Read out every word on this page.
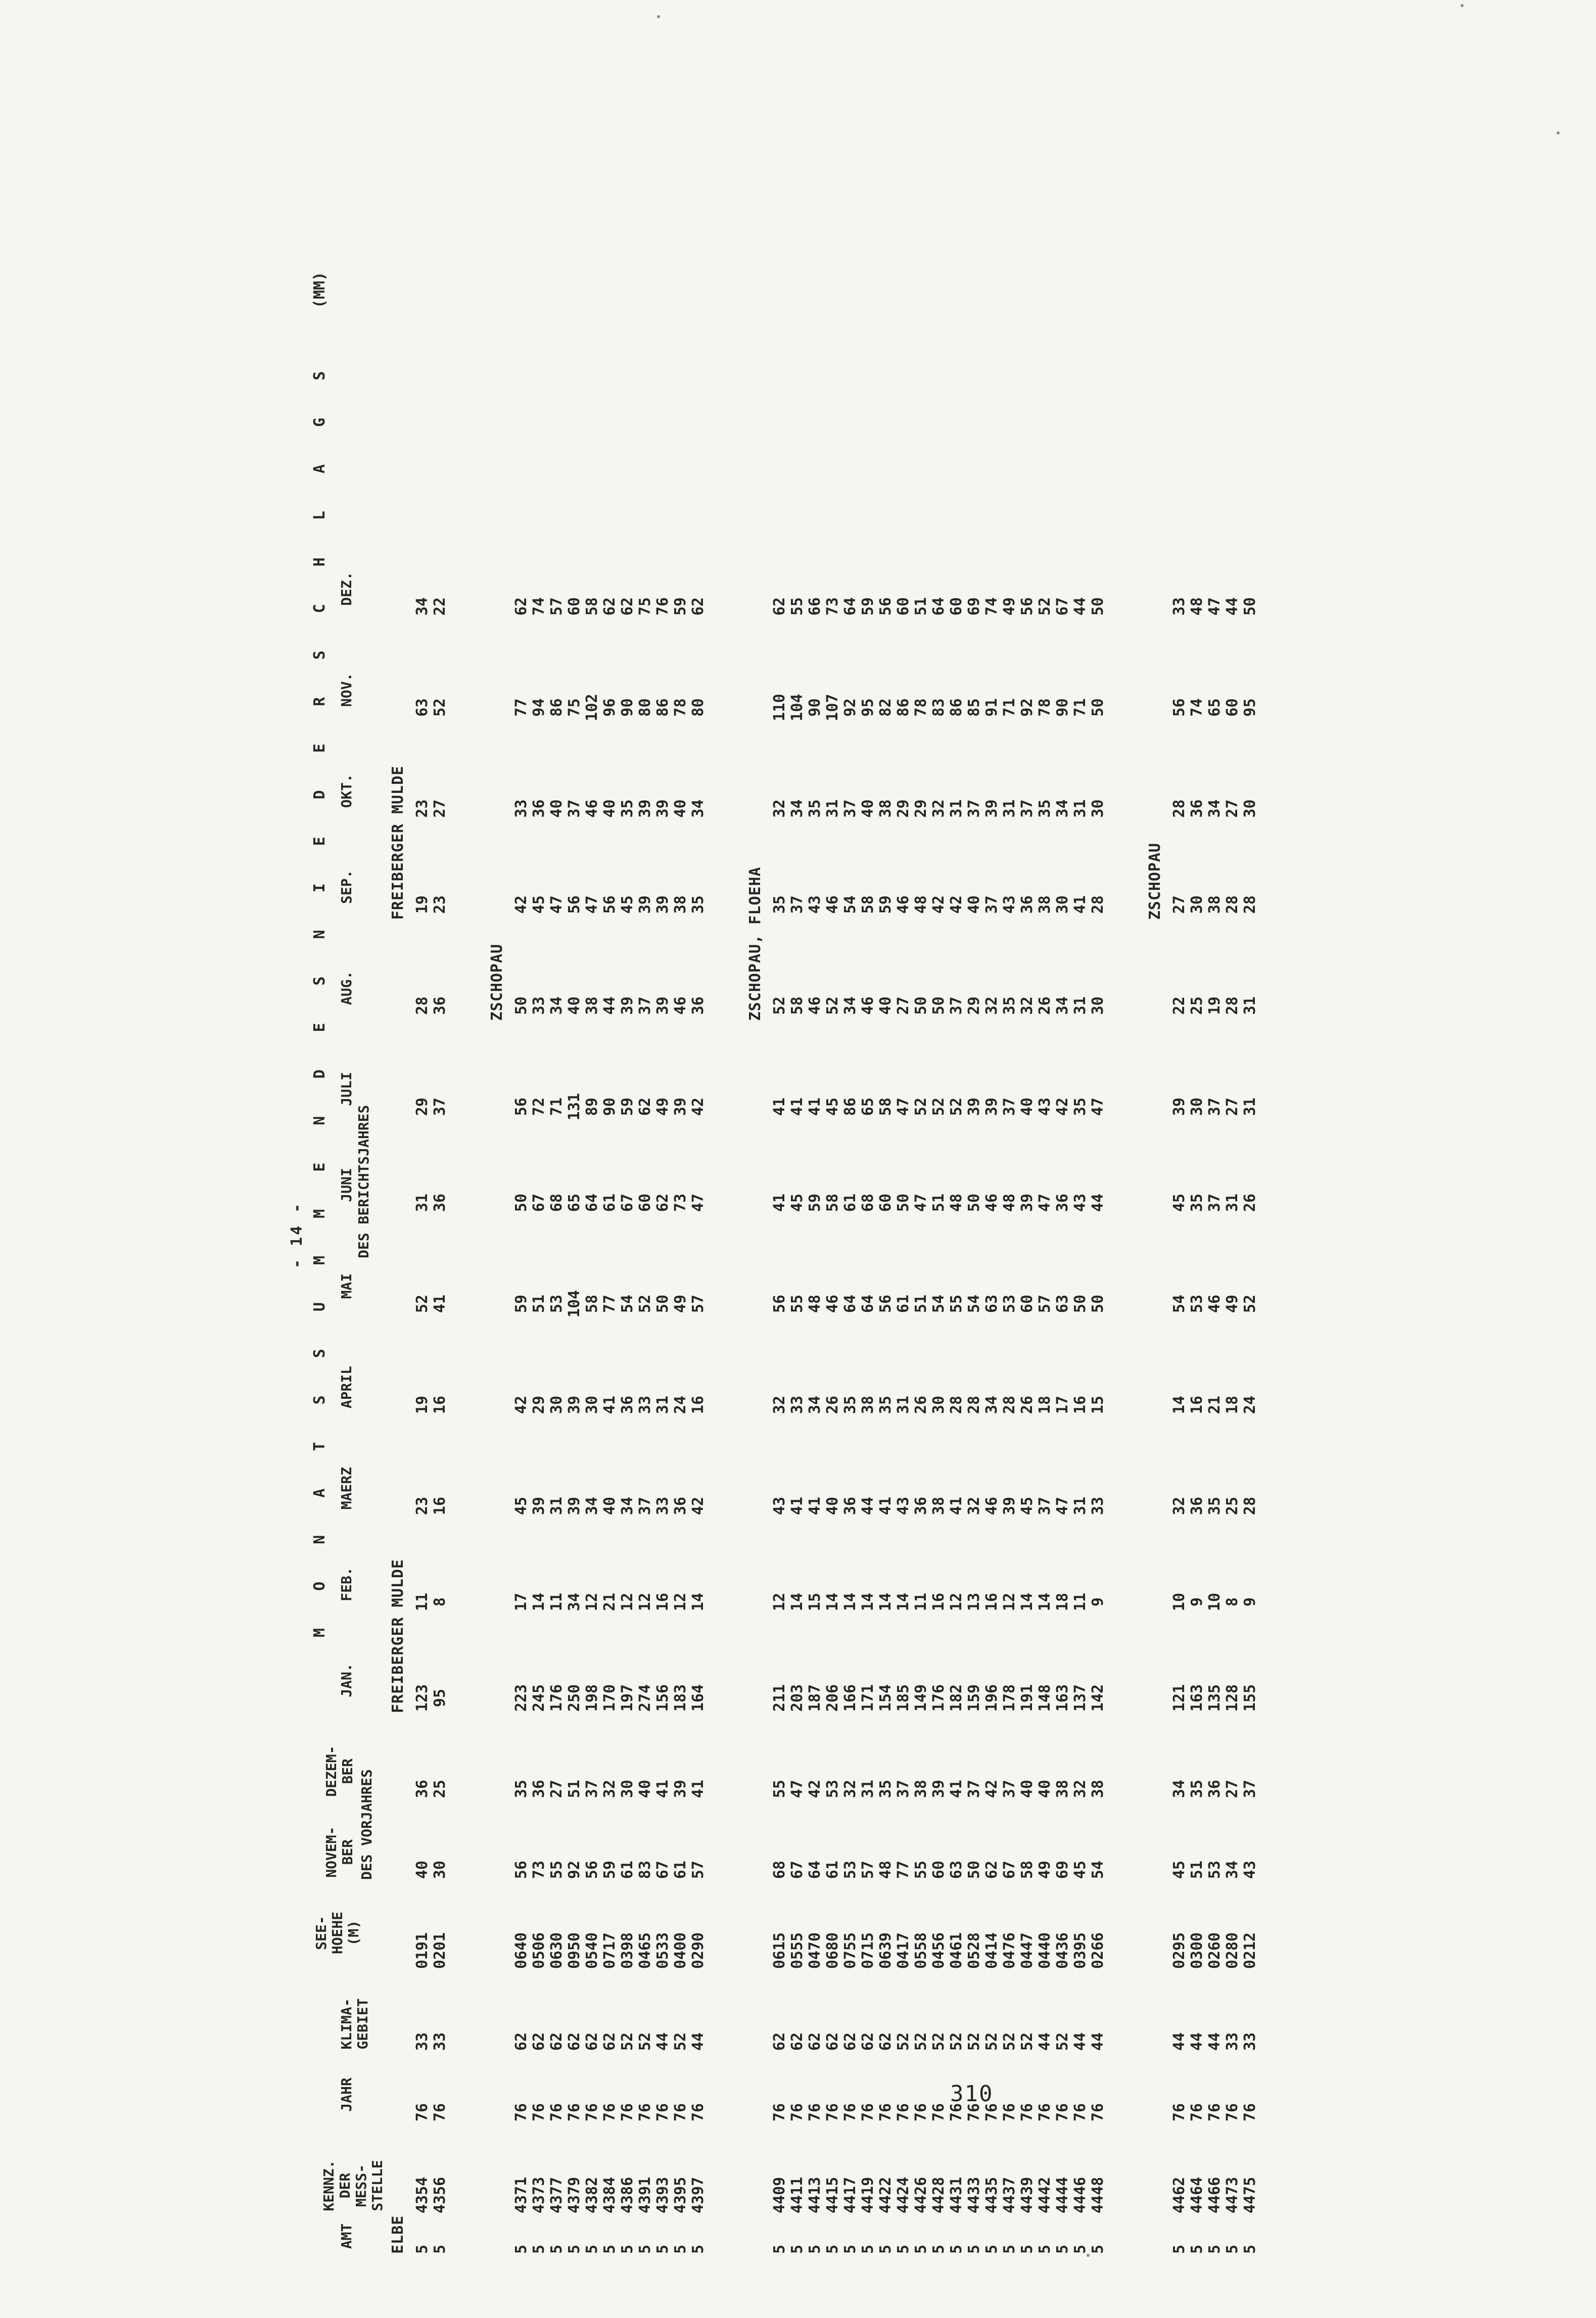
- 14 - M O N A T S S U M M E N D E S N I E D E R S C H L A G S
(MM)
AMT
KENNZ.
DER
MESS-
STELLE
JAHR
KLIMA-
GEBIET
SEE-
HOEHE
(M)
NOVEM-
BER
DEZEM-
BER DES VORJAHRES
JAN.
FEB.
MAERZ
APRIL
MAI
JUNI
JULI
AUG.
SEP.
OKT.
NOV.
DEZ.
DES BERICHTSJAHRES
ELBE
FREIBERGER MULDE
FREIBERGER MULDE
5
4354
76
33
0191
40
36
123
11
23
19
52
31
29
28
19
23
63
34
5
4356
76
33
0201
30
25
95
8
16
16
41
36
37
36
23
27
52
22
ZSCHOPAU
5
4371
76
62
0640
56
35
223
17
45
42
59
50
56
50
42
33
77
62
5
4373
76
62
0506
73
36
245
14
39
29
51
67
72
33
45
36
94
74
5
4377
76
62
0630
55
27
176
11
31
30
53
68
71
34
47
40
86
57
5
4379
76
62
0950
92
51
250
34
39
39
104
65
131
40
56
37
75
60
5
4382
76
62
0540
56
37
198
12
34
30
58
64
89
38
47
46
102
58
5
4384
76
62
0717
59
32
170
21
40
41
77
61
90
44
56
40
96
62
5
4386
76
52
0398
61
30
197
12
34
36
54
67
59
39
45
35
90
62
5
4391
76
52
0465
83
40
274
12
37
33
52
60
62
37
39
39
80
75
5
4393
76
44
0533
67
41
156
16
33
31
50
62
49
39
39
39
86
76
5
4395
76
52
0400
61
39
183
12
36
24
49
73
39
46
38
40
78
59
5
4397
76
44
0290
57
41
164
14
42
16
57
47
42
36
35
34
80
62
ZSCHOPAU, FLOEHA
5
4409
76
62
0615
68
55
211
12
43
32
56
41
41
52
35
32
110
62
5
4411
76
62
0555
67
47
203
14
41
33
55
45
41
58
37
34
104
55
5
4413
76
62
0470
64
42
187
15
41
34
48
59
41
46
43
35
90
66
5
4415
76
62
0680
61
53
206
14
40
26
46
58
45
52
46
31
107
73
5
4417
76
62
0755
53
32
166
14
36
35
64
61
86
34
54
37
92
64
5
4419
76
62
0715
57
31
171
14
44
38
64
68
65
46
58
40
95
59
5
4422
76
62
0639
48
35
154
14
41
35
56
60
58
40
59
38
82
56
5
4424
76
52
0417
77
37
185
14
43
31
61
50
47
27
46
29
86
60
5
4426
76
52
0558
55
38
149
11
36
26
51
47
52
50
48
29
78
51
5
4428
76
52
0456
60
39
176
16
38
30
54
51
52
50
42
32
83
64
5
4431
76
52
0461
63
41
182
12
41
28
55
48
52
37
42
31
86
60
5
4433
76
52
0528
50
37
159
13
32
28
54
50
39
29
40
37
85
69
5
4435
76
52
0414
62
42
196
16
46
34
63
46
39
32
37
39
91
74
5
4437
76
52
0476
67
37
178
12
39
28
53
48
37
35
43
31
71
49
5
4439
76
52
0447
58
40
191
14
45
26
60
39
40
32
36
37
92
56
5
4442
76
44
0440
49
40
148
14
37
18
57
47
43
26
38
35
78
52
5
4444
76
52
0436
69
38
163
18
47
17
63
36
42
34
30
34
90
67
5
4446
76
44
0395
45
32
137
11
31
16
50
43
35
31
41
31
71
44
5
4448
76
44
0266
54
38
142
9
33
15
50
44
47
30
28
30
50
50
ZSCHOPAU
5
4462
76
44
0295
45
34
121
10
32
14
54
45
39
22
27
28
56
33
5
4464
76
44
0300
51
35
163
9
36
16
53
35
30
25
30
36
74
48
5
4466
76
44
0260
53
36
135
10
35
21
46
37
37
19
38
34
65
47
5
4473
76
33
0280
34
27
128
8
25
18
49
31
27
28
28
27
60
44
5
4475
76
33
0212
43
37
155
9
28
24
52
26
31
31
28
30
95
50
310
